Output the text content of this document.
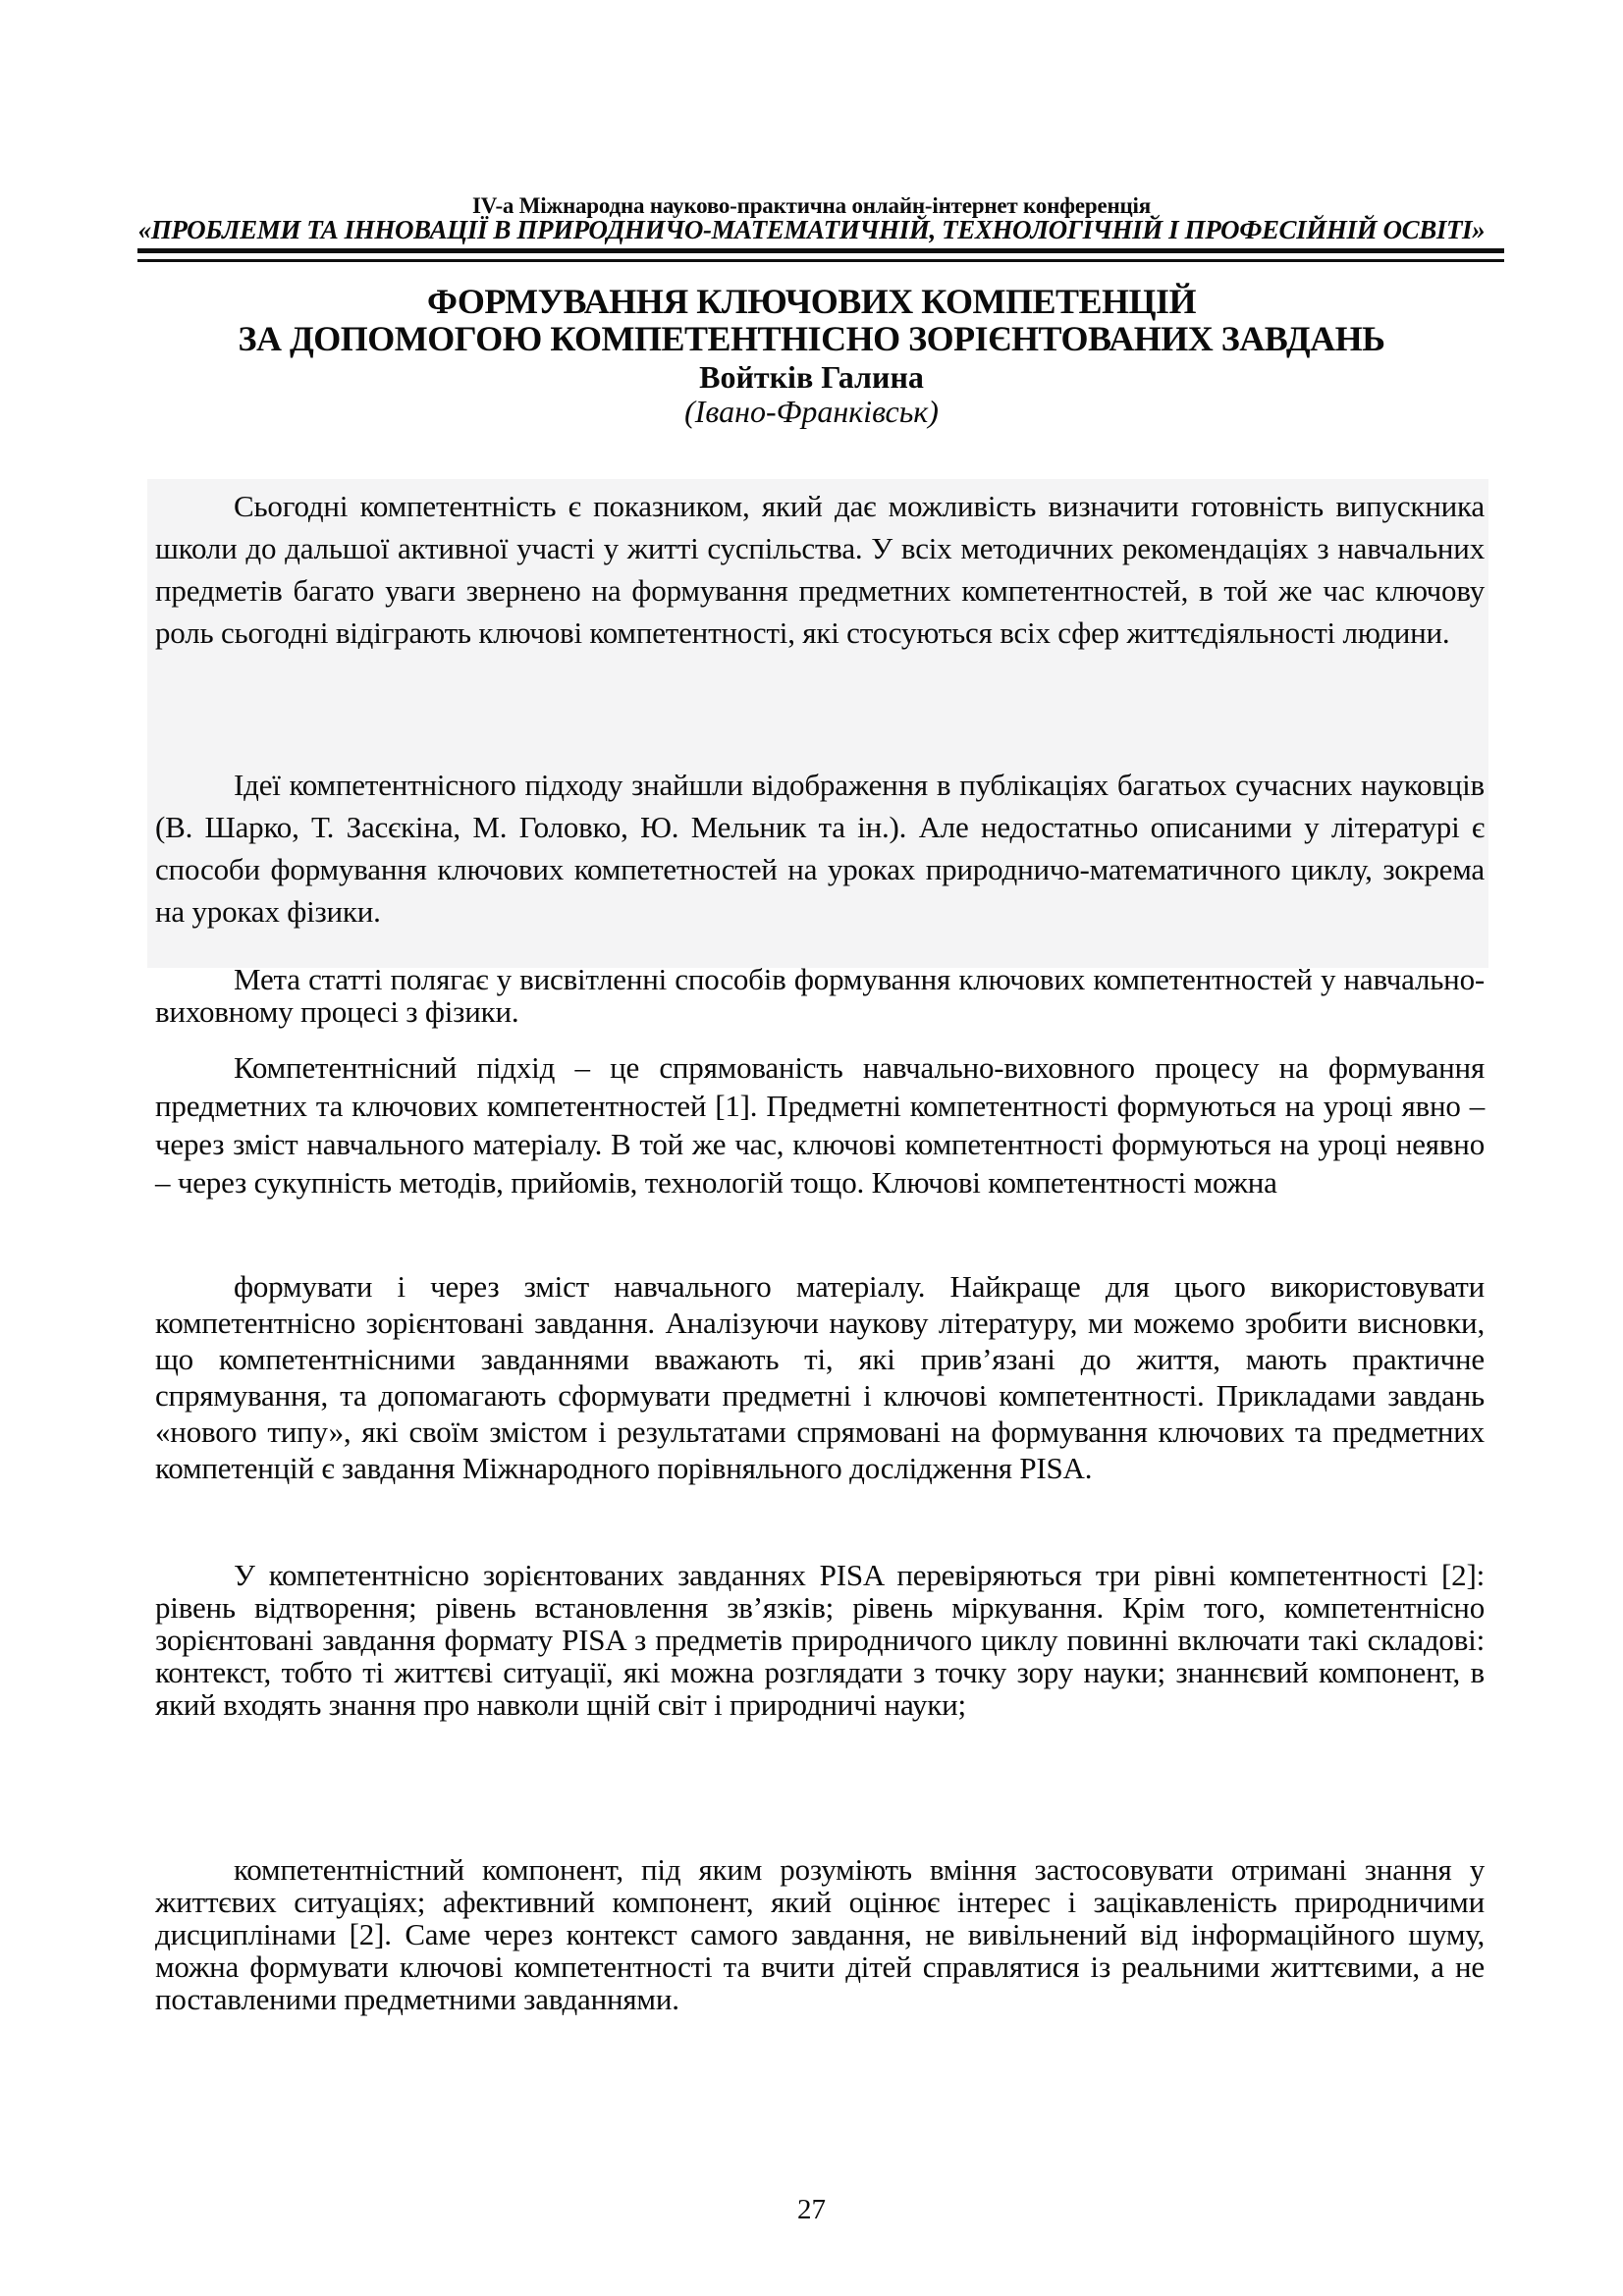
IV-а Міжнародна науково-практична онлайн-інтернет конференція
«ПРОБЛЕМИ ТА ІННОВАЦІЇ В ПРИРОДНИЧО-МАТЕМАТИЧНІЙ, ТЕХНОЛОГІЧНІЙ І ПРОФЕСІЙНІЙ ОСВІТІ»
ФОРМУВАННЯ КЛЮЧОВИХ КОМПЕТЕНЦІЙ
ЗА ДОПОМОГОЮ КОМПЕТЕНТНІСНО ЗОРІЄНТОВАНИХ ЗАВДАНЬ
Войтків Галина
(Івано-Франківськ)

Сьогодні компетентність є показником, який дає можливість визначити готовність випускника школи до дальшої активної участі у житті суспільства. У всіх методичних рекомендаціях з навчальних предметів багато уваги звернено на формування предметних компетентностей, в той же час ключову роль сьогодні відіграють ключові компетентності, які стосуються всіх сфер життєдіяльності людини.

Ідеї компетентнісного підходу знайшли відображення в публікаціях багатьох сучасних науковців (В. Шарко, Т. Засєкіна, М. Головко, Ю. Мельник та ін.). Але недостатньо описаними у літературі є способи формування ключових компететностей на уроках природничо-математичного циклу, зокрема на уроках фізики.

Мета статті полягає у висвітленні способів формування ключових компетентностей у навчально-виховному процесі з фізики.

Компетентнісний підхід – це спрямованість навчально-виховного процесу на формування предметних та ключових компетентностей [1]. Предметні компетентності формуються на уроці явно – через зміст навчального матеріалу. В той же час, ключові компетентності формуються на уроці неявно – через сукупність методів, прийомів, технологій тощо. Ключові компетентності можна

формувати і через зміст навчального матеріалу. Найкраще для цього використовувати компетентнісно зорієнтовані завдання. Аналізуючи наукову літературу, ми можемо зробити висновки, що компетентнісними завданнями вважають ті, які прив’язані до життя, мають практичне спрямування, та допомагають сформувати предметні і ключові компетентності. Прикладами завдань «нового типу», які своїм змістом і результатами спрямовані на формування ключових та предметних компетенцій є завдання Міжнародного порівняльного дослідження PISA.

У компетентнісно зорієнтованих завданнях PISA перевіряються три рівні компетентності [2]: рівень відтворення; рівень встановлення зв’язків; рівень міркування. Крім того, компетентнісно зорієнтовані завдання формату PISA з предметів природничого циклу повинні включати такі складові: контекст, тобто ті життєві ситуації, які можна розглядати з точку зору науки; знаннєвий компонент, в який входять знання про навколи щній світ і природничі науки;

компетентністний компонент, під яким розуміють вміння застосовувати отримані знання у життєвих ситуаціях; афективний компонент, який оцінює інтерес і зацікавленість природничими дисциплінами [2]. Саме через контекст самого завдання, не вивільнений від інформаційного шуму, можна формувати ключові компетентності та вчити дітей справлятися із реальними життєвими, а не поставленими предметними завданнями.

27
